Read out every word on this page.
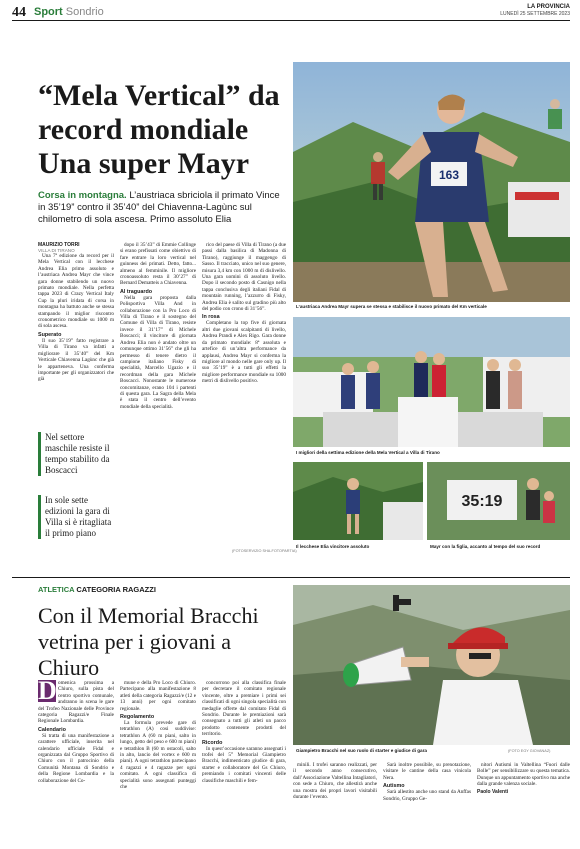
44 Sport Sondrio	LA PROVINCIA
LUNEDÌ 25 SETTEMBRE 2023
“Mela Vertical” da record mondiale Una super Mayr
Corsa in montagna. L’austriaca sbriciola il primato Vince in 35’19” contro il 35’40” del Chiavenna-Lagùnc sul chilometro di sola ascesa. Primo assoluto Elia
MAURIZIO TORRI
VILLA DI TIRANO

Una 7ª edizione da record per il Mela Vertical con il lecchese Andrea Elia primo assoluto e l’austriaca Andrea Mayr che vince gara donne stabilendo un nuovo primato mondiale. Nella perfetta tappa 2023 di Crazy Vertical Italy Cup la pluri iridata di corsa in montagna ha battuto anche se stessa stampando il miglior riscontro cronometrico mondiale su 1000 m di sola ascesa.

Superato

Il suo 35’19” fatto registrare a Villa di Tirano va infatti a migliorare il 35’40” del Km Verticale Chiavenna Lagùnc che già le apparteneva. Una conferma importante per gli organizzatori che già

Nel settore maschile resiste il tempo stabilito da Boscacci
In sole sette edizioni la gara di Villa si è ritagliata il primo piano

dopo il 35’43” di Emmie Collinge si erano prefissati come obiettivo di fare entrare la loro vertical nel guinness dei primati. Detto, fatto... almeno al femminile. Il migliore cronoassoluto resta il 30’27” di Bernard Dematteis a Chiavenna.

Al traguardo

Nella gara proposta dalla Polisportiva Villa And in collaborazione con la Pro Loco di Villa di Tirano e il sostegno del Comune di Villa di Tirano, resiste invece il 31’17” di Michele Boscacci; il vincitore di giornata Andrea Elia non è andato oltre un comunque ottimo 31’56” che gli ha permesso di tenere dietro il campione italiano Fisky di specialità, Marcello Ugazio e il recordman della gara Michele Boscacci. Nonostante le numerose concomitanze, erano 104 i partenti di questa gara. La Sagra della Mela è stata il centro dell’evento mondiale della specialità.

rico del paese di Villa di Tirano (a due passi dalla basilica di Madonna di Tirano), raggiunge il maggengo di Sasso. Il tracciato, unico nel suo genere, misura 3,4 km con 1000 m di dislivello. Una gara uomini di assoluto livello. Dopo il secondo posto di Casnigo nella tappa conclusiva degli italiani Fidal di mountain running, l’azzurro di Fisky, Andrea Elia è salito sul gradino più alto del podio con crono di 31’56”.

In rosa

Completano la top five di giornata altri due giovani scalpitanti di livello, Andrea Prandi e Alex Rigo. Gara donne da primato mondiale: 8ª assoluta e artefice di un’altra performance da applausi, Andrea Mayr si conferma la migliore al mondo nelle gare only up. Il suo 35’19” è a tutti gli effetti la migliore performance mondiale su 1000 metri di dislivello positivo.

163
L’austriaca Andrea Mayr supera se stessa e stabilisce il nuovo primato del Km verticale
I migliori della settima edizione della Mela Vertical a Villa di Tirano
Il lecchese Elia vincitore assoluto
35:19
Mayr con la figlia, accanto al tempo del suo record
(FOTOSERVIZIO SHA-FOTOPARTIA)
ATLETICA CATEGORIA RAGAZZI
Con il Memorial Bracchi vetrina per i giovani a Chiuro
D omenica prossima a Chiuro, sulla pista del centro sportivo comunale, andranno in scena le gare del Trofeo Nazionale delle Province categoria Ragazzi/e Finale Regionale Lombardia.

Calendario

Si tratta di una manifestazione a carattere ufficiale, inserita nel calendario ufficiale Fidal e organizzata dal Gruppo Sportivo di Chiuro con il patrocinio della Comunità Montana di Sondrio e della Regione Lombardia e la collaborazione del Co-

mune e della Pro Loco di Chiuro. Partecipano alla manifestazione 8 atleti della categoria Ragazzi/e (12 e 13 anni) per ogni comitato regionale.

Regolamento

La formula prevede gare di tetrathlon (A) cosi suddivise: tetrathlon A (60 m piani, salto in lungo, getto del peso e 600 m piani) e tetrathlon B (60 m ostacoli, salto in alto, lancio del vortex e 600 m piani). A ogni tetrathlon partecipano 4 ragazzi e 4 ragazze per ogni comitato. A ogni classifica di specialità sono assegnati punteggi che

concorrono poi alla classifica finale per decretare il comitato regionale vincente, oltre a premiare i primi sei classificati di ogni singola specialità con medaglie offerte dal comitato Fidal di Sondrio. Durante le premiazioni sarà consegnato a tutti gli atleti un pacco prodotto contenente prodotti del territorio.

Ricordo

In quest’occasione saranno assegnati i trofei del 5° Memorial Giampietro Bracchi, indimenticato giudice di gara, starter e collaboratore del Gs Chiuro, premiando i comitati vincenti delle classifiche maschili e fem-

Giampietro Bracchi nel suo ruolo di starter e giudice di gara	(FOTO EGY GIOVANAZ)

minili. I trofei saranno realizzati, per il secondo anno consecutivo, dall’Associazione Valtellina Intagliatori, con sede a Chiuro, che allestirà anche una mostra dei propri lavori visitabili durante l’evento.

Sarà inoltre possibile, su prenotazione, visitare le cantine della casa vinicola Nera.

Autismo

Sarà allestito anche uno stand da Anffas Sondrio, Gruppo Ge-

nitori Autismi in Valtellina “Fuori dalle Bolle” per sensibilizzare su questa tematica. Dunque un appuntamento sportivo ma anche dalla grande valenza sociale.

Paolo Valenti
